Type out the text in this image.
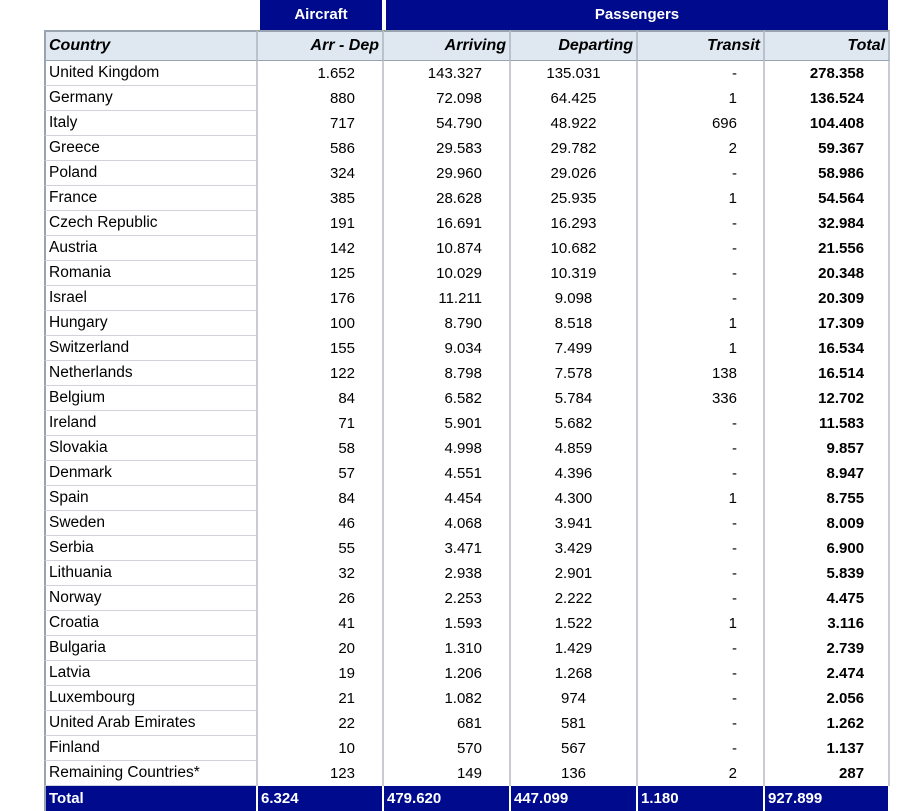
	Aircraft	Passengers			
Country	Arr - Dep	Arriving	Departing	Transit	Total
United Kingdom	1.652	143.327	135.031	-	278.358
Germany	880	72.098	64.425	1	136.524
Italy	717	54.790	48.922	696	104.408
Greece	586	29.583	29.782	2	59.367
Poland	324	29.960	29.026	-	58.986
France	385	28.628	25.935	1	54.564
Czech Republic	191	16.691	16.293	-	32.984
Austria	142	10.874	10.682	-	21.556
Romania	125	10.029	10.319	-	20.348
Israel	176	11.211	9.098	-	20.309
Hungary	100	8.790	8.518	1	17.309
Switzerland	155	9.034	7.499	1	16.534
Netherlands	122	8.798	7.578	138	16.514
Belgium	84	6.582	5.784	336	12.702
Ireland	71	5.901	5.682	-	11.583
Slovakia	58	4.998	4.859	-	9.857
Denmark	57	4.551	4.396	-	8.947
Spain	84	4.454	4.300	1	8.755
Sweden	46	4.068	3.941	-	8.009
Serbia	55	3.471	3.429	-	6.900
Lithuania	32	2.938	2.901	-	5.839
Norway	26	2.253	2.222	-	4.475
Croatia	41	1.593	1.522	1	3.116
Bulgaria	20	1.310	1.429	-	2.739
Latvia	19	1.206	1.268	-	2.474
Luxembourg	21	1.082	974	-	2.056
United Arab Emirates	22	681	581	-	1.262
Finland	10	570	567	-	1.137
Remaining Countries*	123	149	136	2	287
Total	6.324	479.620	447.099	1.180	927.899
